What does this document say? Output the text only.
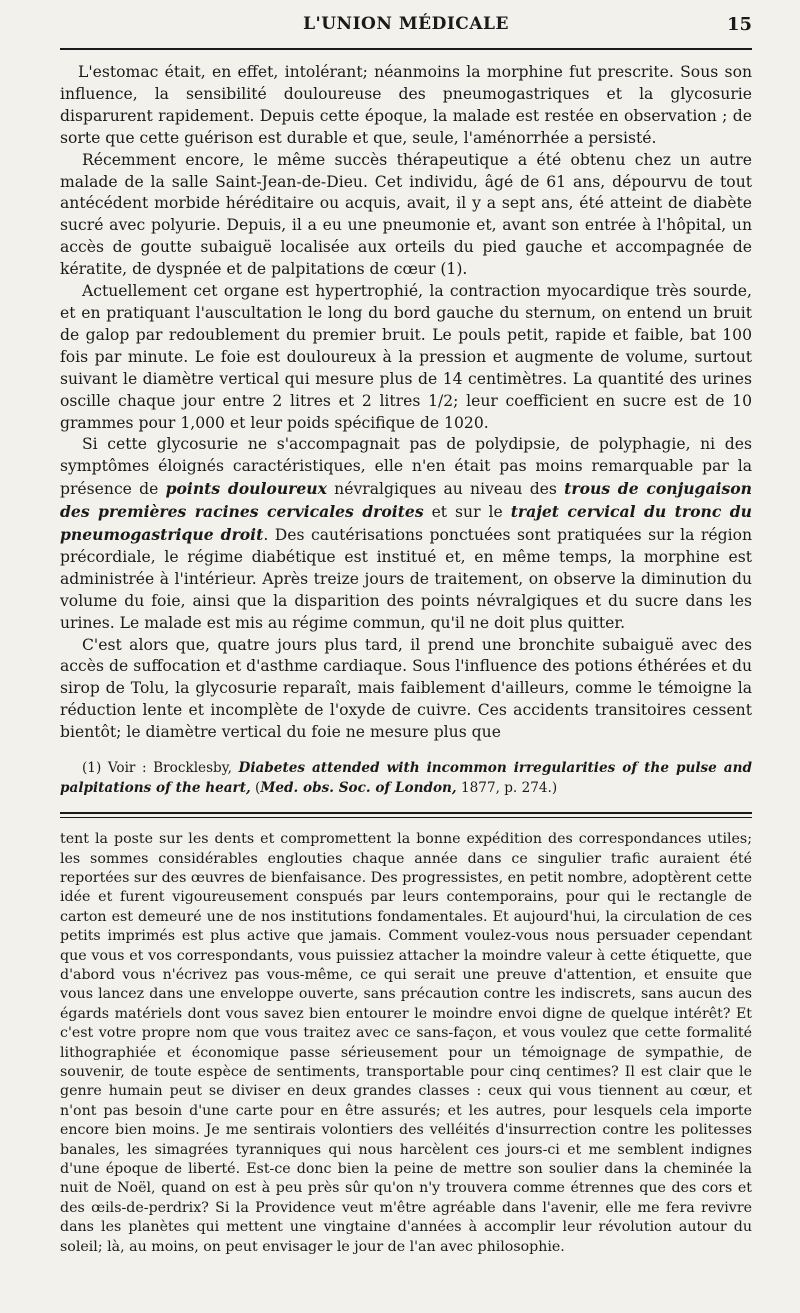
L'UNION MÉDICALE	15

L'estomac était, en effet, intolérant; néanmoins la morphine fut prescrite. Sous son influence, la sensibilité douloureuse des pneumogastriques et la glycosurie disparurent rapidement. Depuis cette époque, la malade est restée en observation ; de sorte que cette guérison est durable et que, seule, l'aménorrhée a persisté.

Récemment encore, le même succès thérapeutique a été obtenu chez un autre malade de la salle Saint-Jean-de-Dieu. Cet individu, âgé de 61 ans, dépourvu de tout antécédent morbide héréditaire ou acquis, avait, il y a sept ans, été atteint de diabète sucré avec polyurie. Depuis, il a eu une pneumonie et, avant son entrée à l'hôpital, un accès de goutte subaiguë localisée aux orteils du pied gauche et accompagnée de kératite, de dyspnée et de palpitations de cœur (1).

Actuellement cet organe est hypertrophié, la contraction myocardique très sourde, et en pratiquant l'auscultation le long du bord gauche du sternum, on entend un bruit de galop par redoublement du premier bruit. Le pouls petit, rapide et faible, bat 100 fois par minute. Le foie est douloureux à la pression et augmente de volume, surtout suivant le diamètre vertical qui mesure plus de 14 centimètres. La quantité des urines oscille chaque jour entre 2 litres et 2 litres 1/2; leur coefficient en sucre est de 10 grammes pour 1,000 et leur poids spécifique de 1020.

Si cette glycosurie ne s'accompagnait pas de polydipsie, de polyphagie, ni des symptômes éloignés caractéristiques, elle n'en était pas moins remarquable par la présence de points douloureux névralgiques au niveau des trous de conjugaison des premières racines cervicales droites et sur le trajet cervical du tronc du pneumogastrique droit. Des cautérisations ponctuées sont pratiquées sur la région précordiale, le régime diabétique est institué et, en même temps, la morphine est administrée à l'intérieur. Après treize jours de traitement, on observe la diminution du volume du foie, ainsi que la disparition des points névralgiques et du sucre dans les urines. Le malade est mis au régime commun, qu'il ne doit plus quitter.

C'est alors que, quatre jours plus tard, il prend une bronchite subaiguë avec des accès de suffocation et d'asthme cardiaque. Sous l'influence des potions éthérées et du sirop de Tolu, la glycosurie reparaît, mais faiblement d'ailleurs, comme le témoigne la réduction lente et incomplète de l'oxyde de cuivre. Ces accidents transitoires cessent bientôt; le diamètre vertical du foie ne mesure plus que

(1) Voir : Brocklesby, Diabetes attended with incommon irregularities of the pulse and palpitations of the heart, (Med. obs. Soc. of London, 1877, p. 274.)

tent la poste sur les dents et compromettent la bonne expédition des correspondances utiles; les sommes considérables englouties chaque année dans ce singulier trafic auraient été reportées sur des œuvres de bienfaisance. Des progressistes, en petit nombre, adoptèrent cette idée et furent vigoureusement conspués par leurs contemporains, pour qui le rectangle de carton est demeuré une de nos institutions fondamentales. Et aujourd'hui, la circulation de ces petits imprimés est plus active que jamais. Comment voulez-vous nous persuader cependant que vous et vos correspondants, vous puissiez attacher la moindre valeur à cette étiquette, que d'abord vous n'écrivez pas vous-même, ce qui serait une preuve d'attention, et ensuite que vous lancez dans une enveloppe ouverte, sans précaution contre les indiscrets, sans aucun des égards matériels dont vous savez bien entourer le moindre envoi digne de quelque intérêt? Et c'est votre propre nom que vous traitez avec ce sans-façon, et vous voulez que cette formalité lithographiée et économique passe sérieusement pour un témoignage de sympathie, de souvenir, de toute espèce de sentiments, transportable pour cinq centimes? Il est clair que le genre humain peut se diviser en deux grandes classes : ceux qui vous tiennent au cœur, et n'ont pas besoin d'une carte pour en être assurés; et les autres, pour lesquels cela importe encore bien moins. Je me sentirais volontiers des velléités d'insurrection contre les politesses banales, les simagrées tyranniques qui nous harcèlent ces jours-ci et me semblent indignes d'une époque de liberté. Est-ce donc bien la peine de mettre son soulier dans la cheminée la nuit de Noël, quand on est à peu près sûr qu'on n'y trouvera comme étrennes que des cors et des œils-de-perdrix? Si la Providence veut m'être agréable dans l'avenir, elle me fera revivre dans les planètes qui mettent une vingtaine d'années à accomplir leur révolution autour du soleil; là, au moins, on peut envisager le jour de l'an avec philosophie.
